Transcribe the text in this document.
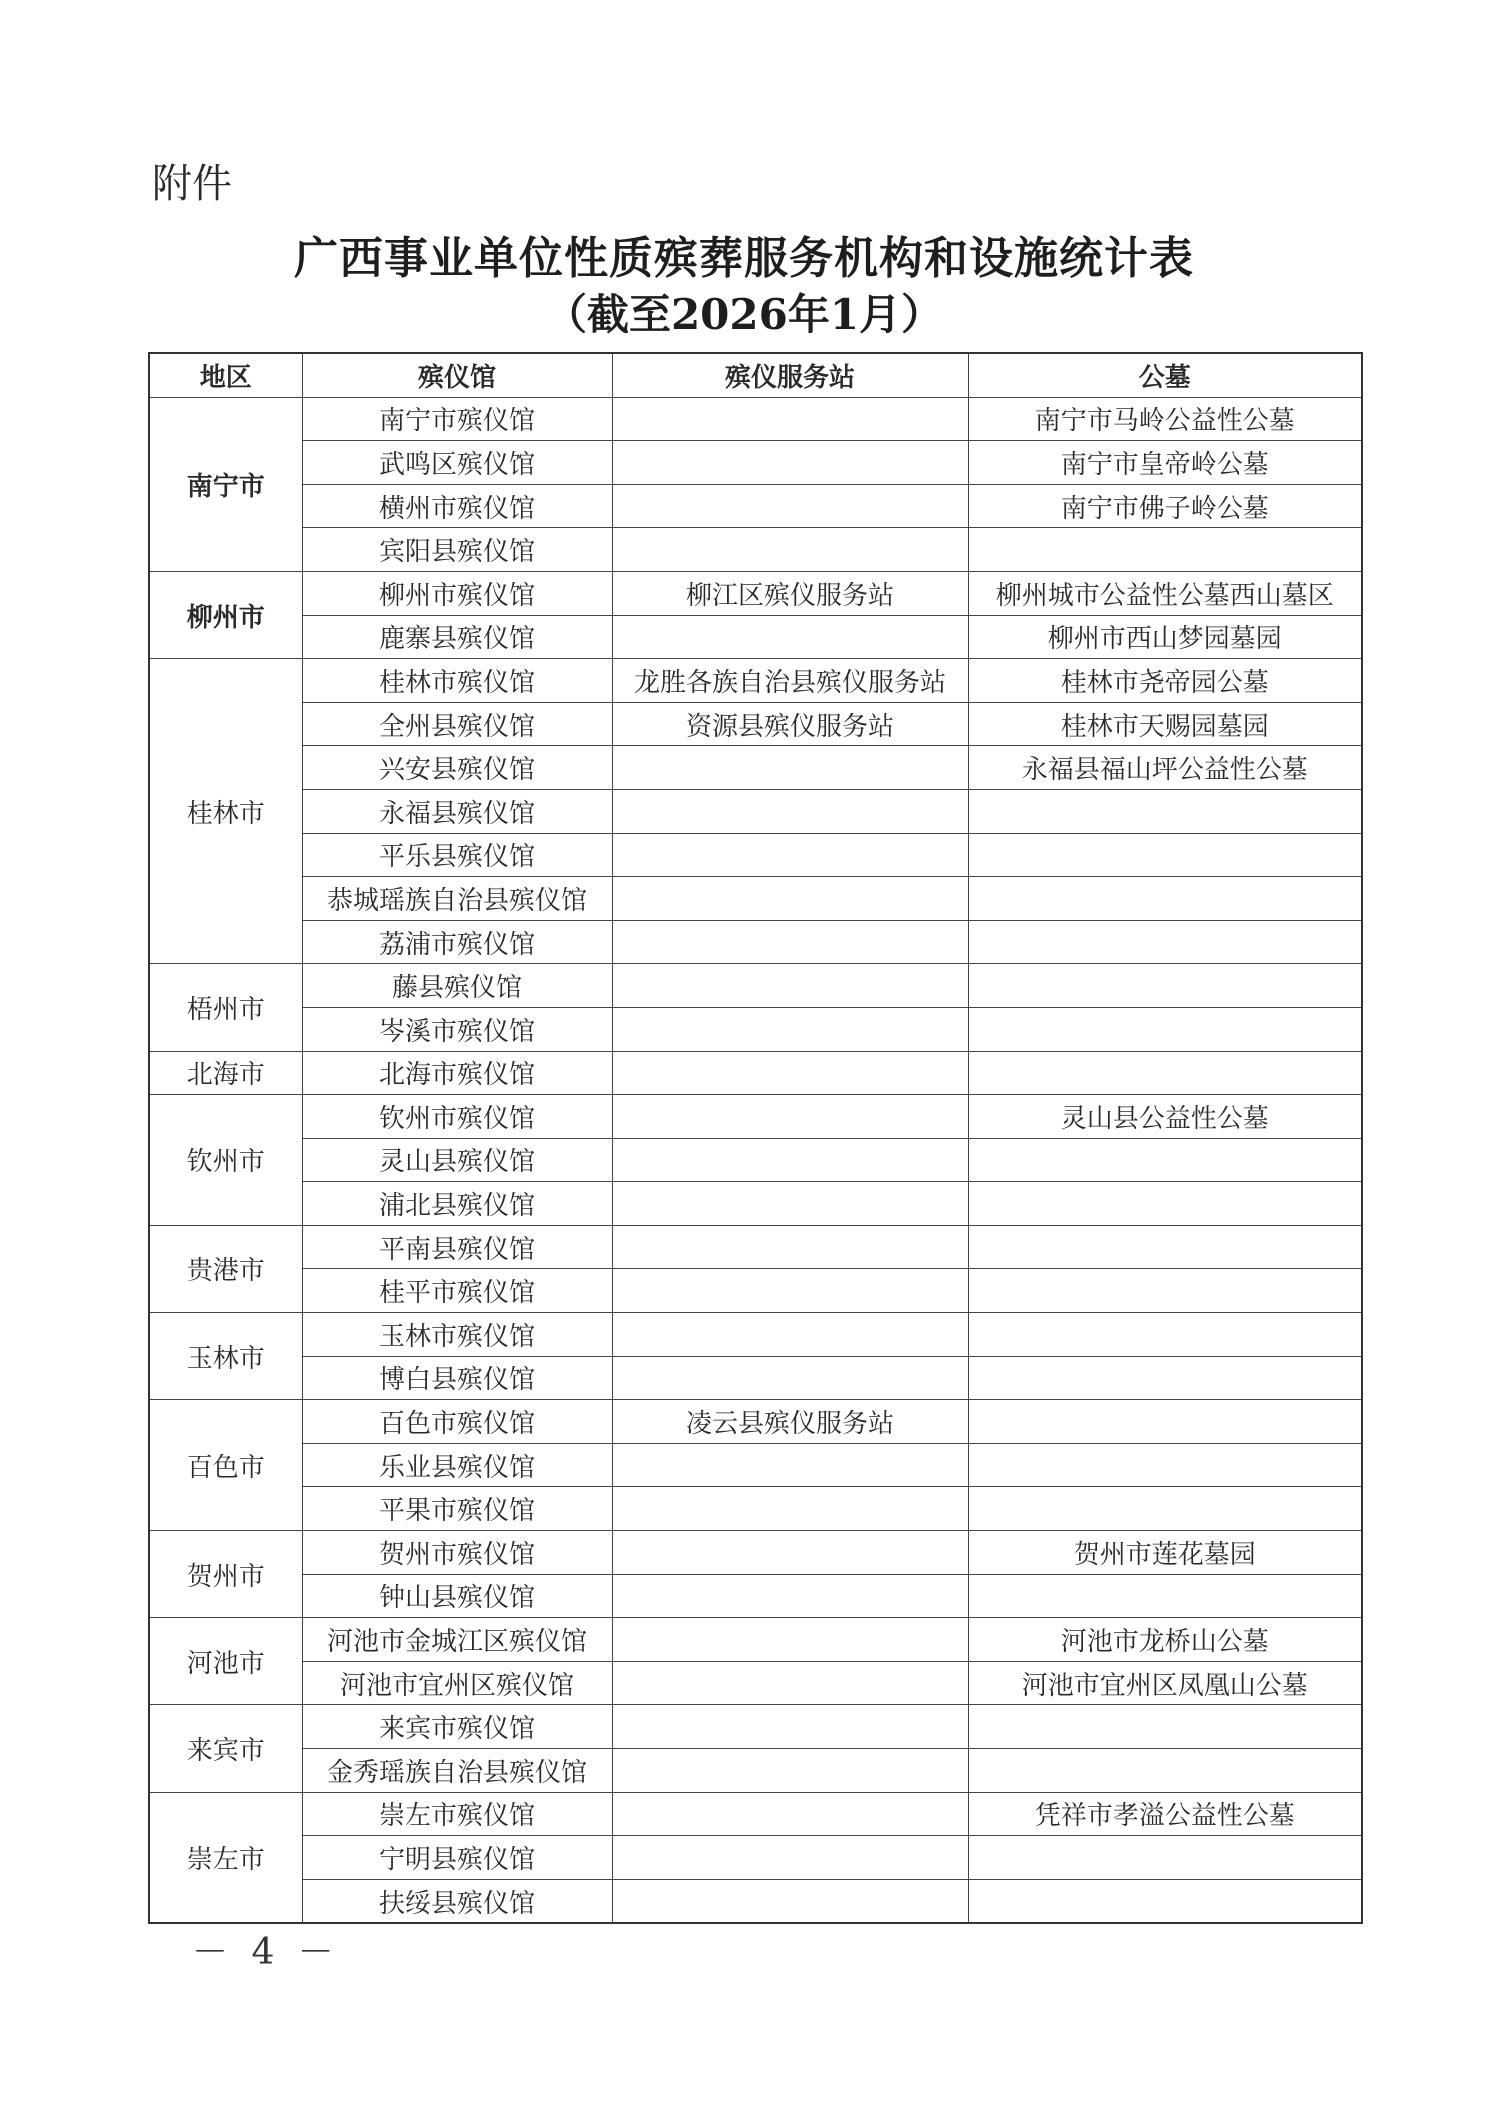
附件
广西事业单位性质殡葬服务机构和设施统计表
（截至2026年1月）
地区	殡仪馆	殡仪服务站	公墓
南宁市	南宁市殡仪馆		南宁市马岭公益性公墓
	武鸣区殡仪馆		南宁市皇帝岭公墓
	横州市殡仪馆		南宁市佛子岭公墓
	宾阳县殡仪馆		
柳州市	柳州市殡仪馆	柳江区殡仪服务站	柳州城市公益性公墓西山墓区
	鹿寨县殡仪馆		柳州市西山梦园墓园
桂林市	桂林市殡仪馆	龙胜各族自治县殡仪服务站	桂林市尧帝园公墓
	全州县殡仪馆	资源县殡仪服务站	桂林市天赐园墓园
	兴安县殡仪馆		永福县福山坪公益性公墓
	永福县殡仪馆		
	平乐县殡仪馆		
	恭城瑶族自治县殡仪馆		
	荔浦市殡仪馆		
梧州市	藤县殡仪馆		
	岑溪市殡仪馆		
北海市	北海市殡仪馆		
钦州市	钦州市殡仪馆		灵山县公益性公墓
	灵山县殡仪馆		
	浦北县殡仪馆		
贵港市	平南县殡仪馆		
	桂平市殡仪馆		
玉林市	玉林市殡仪馆		
	博白县殡仪馆		
百色市	百色市殡仪馆	凌云县殡仪服务站	
	乐业县殡仪馆		
	平果市殡仪馆		
贺州市	贺州市殡仪馆		贺州市莲花墓园
	钟山县殡仪馆		
河池市	河池市金城江区殡仪馆		河池市龙桥山公墓
	河池市宜州区殡仪馆		河池市宜州区凤凰山公墓
来宾市	来宾市殡仪馆		
	金秀瑶族自治县殡仪馆		
崇左市	崇左市殡仪馆		凭祥市孝溢公益性公墓
	宁明县殡仪馆		
	扶绥县殡仪馆		
－ 4 －
